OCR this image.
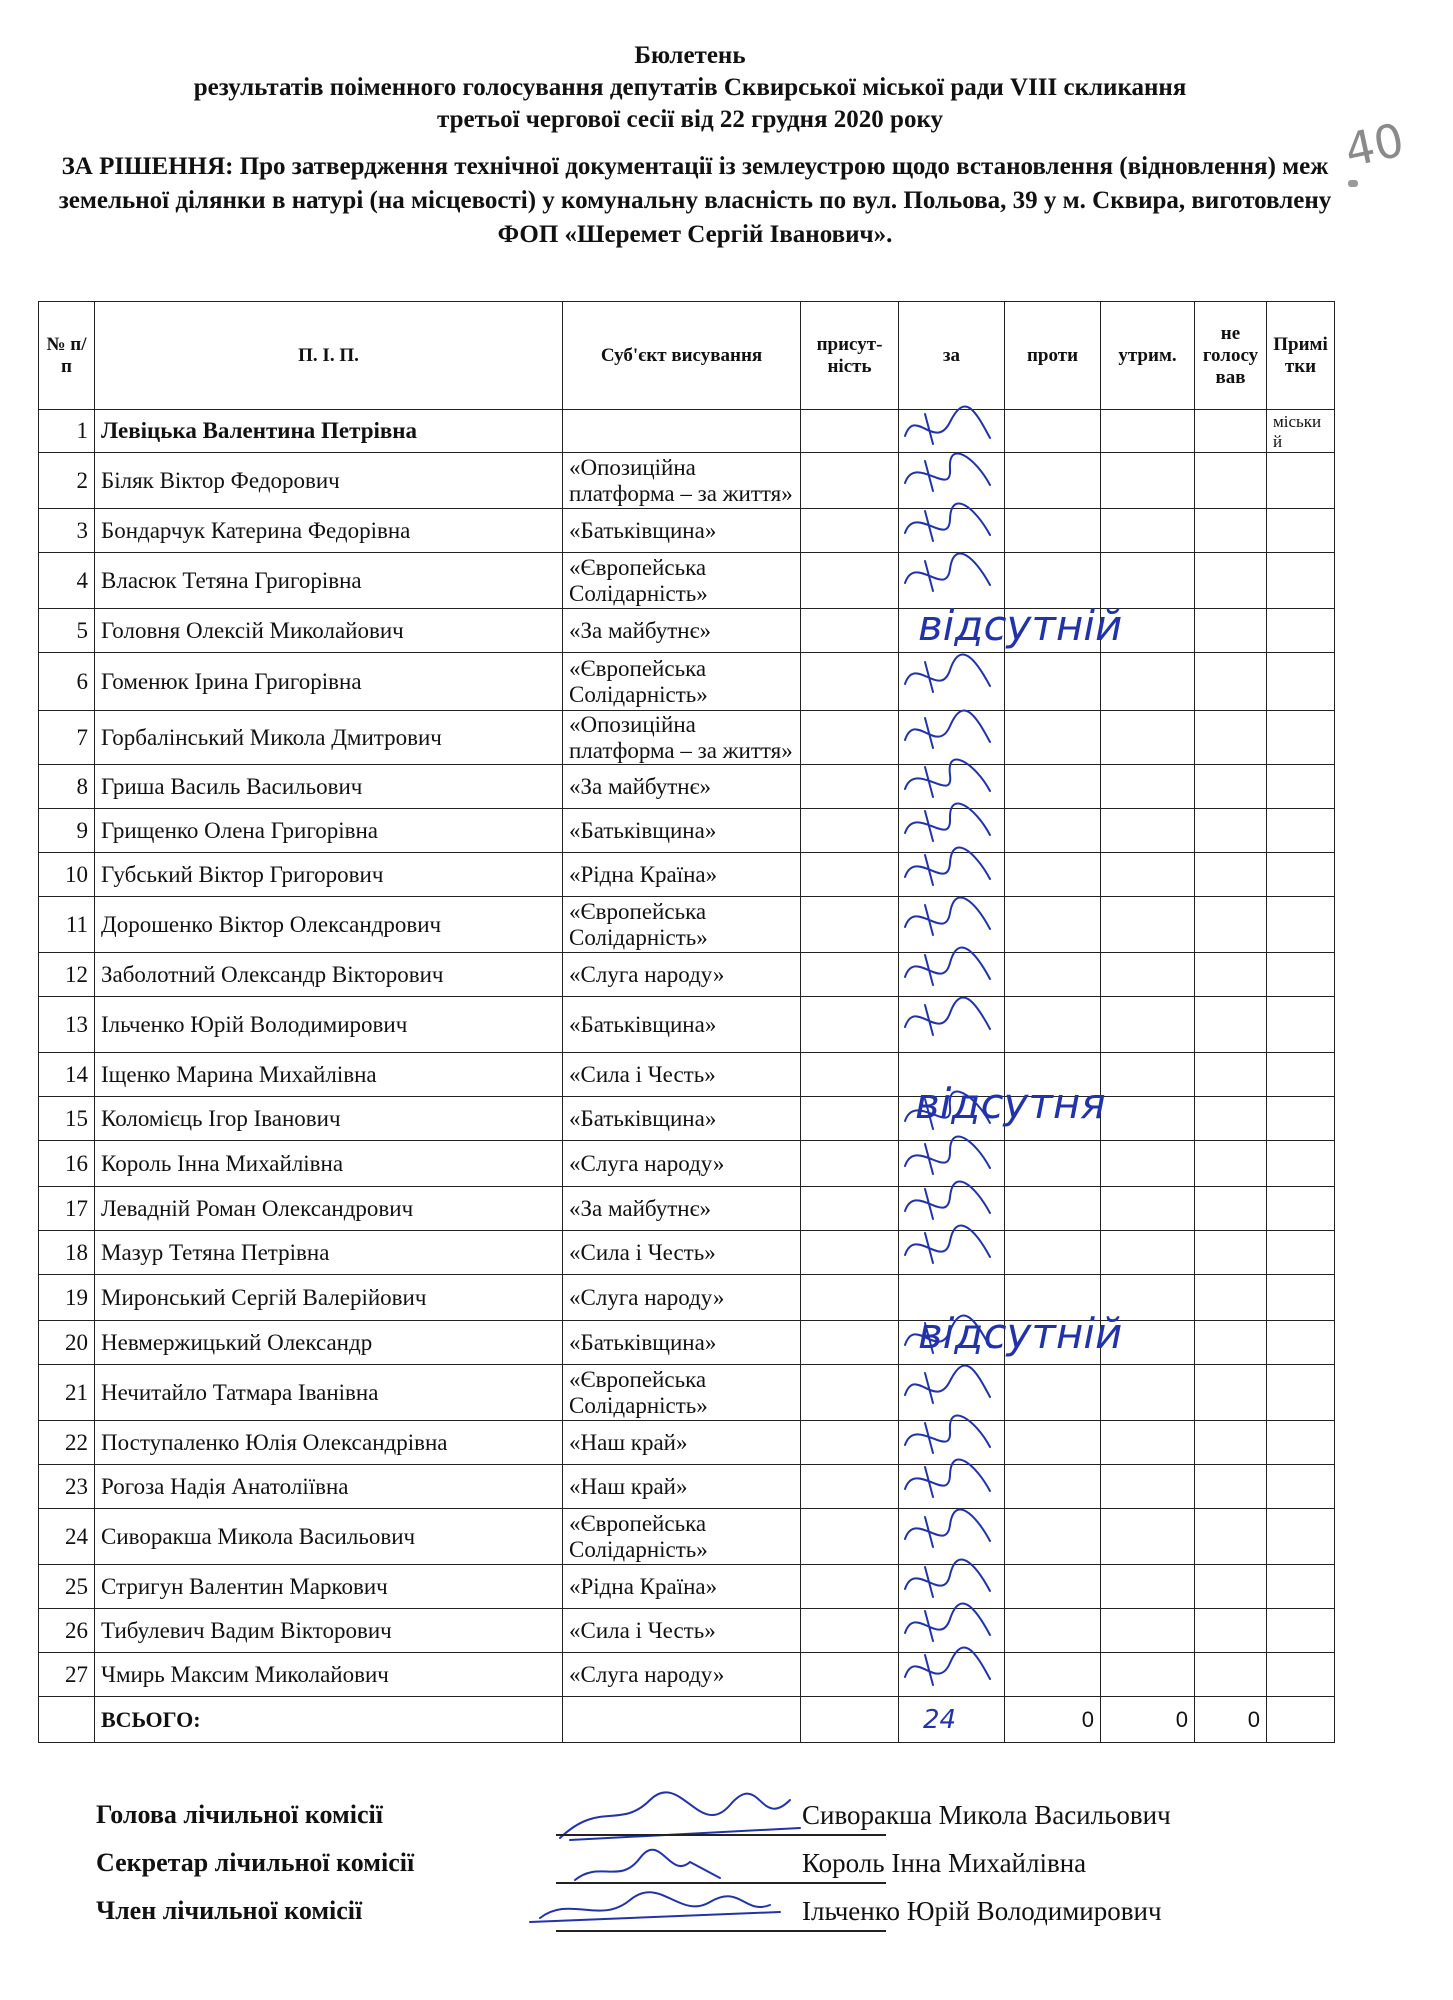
Бюлетень
результатів поіменного голосування депутатів Сквирської міської ради VIII скликання
третьої чергової сесії від 22 грудня 2020 року
ЗА РІШЕННЯ: Про затвердження технічної документації із землеустрою щодо встановлення (відновлення) меж земельної ділянки в натурі (на місцевості) у комунальну власність по вул. Польова, 39 у м. Сквира, виготовлену ФОП «Шеремет Сергій Іванович».
40
№ п/п	П. І. П.	Суб'єкт висування	присут-ність	за	проти	утрим.	не голосу вав	Примі тки
1	Левіцька Валентина Петрівна							міськи й
2	Біляк Віктор Федорович	«Опозиційна платформа – за життя»						
3	Бондарчук Катерина Федорівна	«Батьківщина»						
4	Власюк Тетяна Григорівна	«Європейська Солідарність»						
5	Головня Олексій Миколайович	«За майбутнє»						
6	Гоменюк Ірина Григорівна	«Європейська Солідарність»						
7	Горбалінський Микола Дмитрович	«Опозиційна платформа – за життя»						
8	Гриша Василь Васильович	«За майбутнє»						
9	Грищенко Олена Григорівна	«Батьківщина»						
10	Губський Віктор Григорович	«Рідна Країна»						
11	Дорошенко Віктор Олександрович	«Європейська Солідарність»						
12	Заболотний Олександр Вікторович	«Слуга народу»						
13	Ільченко Юрій Володимирович	«Батьківщина»						
14	Іщенко Марина Михайлівна	«Сила і Честь»						
15	Коломієць Ігор Іванович	«Батьківщина»						
16	Король Інна Михайлівна	«Слуга народу»						
17	Левадній Роман Олександрович	«За майбутнє»						
18	Мазур Тетяна Петрівна	«Сила і Честь»						
19	Миронський Сергій Валерійович	«Слуга народу»						
20	Невмержицький Олександр	«Батьківщина»						
21	Нечитайло Татмара Іванівна	«Європейська Солідарність»						
22	Поступаленко Юлія Олександрівна	«Наш край»						
23	Рогоза Надія Анатоліївна	«Наш край»						
24	Сиворакша Микола Васильович	«Європейська Солідарність»						
25	Стригун Валентин Маркович	«Рідна Країна»						
26	Тибулевич Вадим Вікторович	«Сила і Честь»						
27	Чмирь Максим Миколайович	«Слуга народу»						
	ВСЬОГО:			24	0	0	0	
відсутній
відсутня
відсутній
Голова лічильної комісії	Сиворакша Микола Васильович
Секретар лічильної комісії	Король Інна Михайлівна
Член лічильної комісії	Ільченко Юрій Володимирович
